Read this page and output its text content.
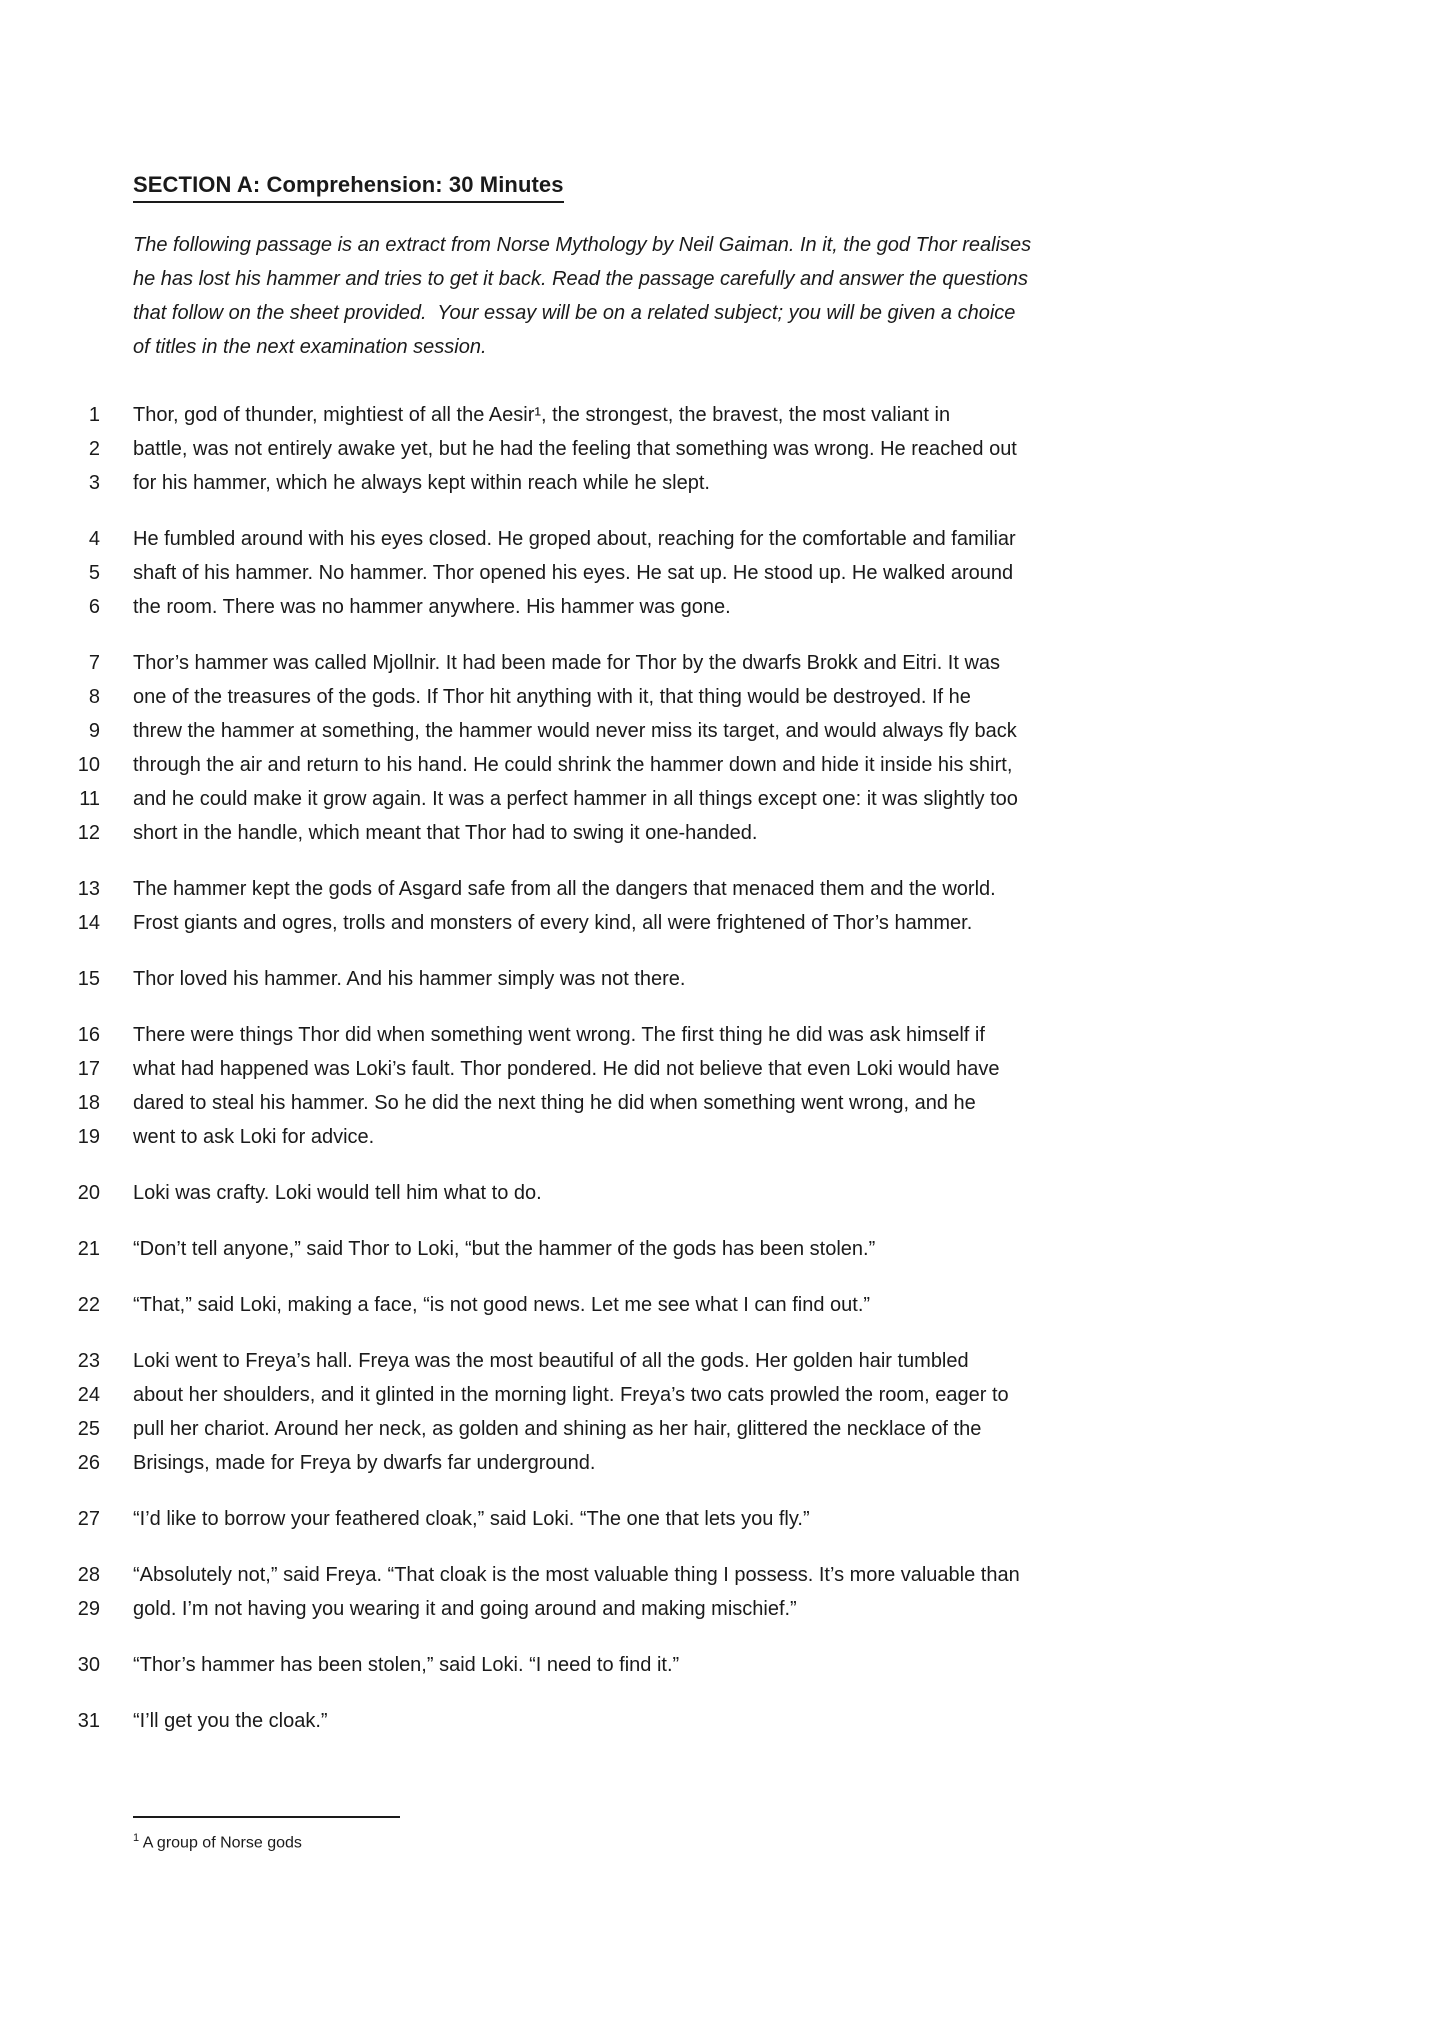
SECTION A: Comprehension: 30 Minutes
The following passage is an extract from Norse Mythology by Neil Gaiman. In it, the god Thor realises
he has lost his hammer and tries to get it back. Read the passage carefully and answer the questions
that follow on the sheet provided.  Your essay will be on a related subject; you will be given a choice
of titles in the next examination session.
1	Thor, god of thunder, mightiest of all the Aesir¹, the strongest, the bravest, the most valiant in
2	battle, was not entirely awake yet, but he had the feeling that something was wrong. He reached out
3	for his hammer, which he always kept within reach while he slept.
4	He fumbled around with his eyes closed. He groped about, reaching for the comfortable and familiar
5	shaft of his hammer. No hammer. Thor opened his eyes. He sat up. He stood up. He walked around
6	the room. There was no hammer anywhere. His hammer was gone.
7	Thor’s hammer was called Mjollnir. It had been made for Thor by the dwarfs Brokk and Eitri. It was
8	one of the treasures of the gods. If Thor hit anything with it, that thing would be destroyed. If he
9	threw the hammer at something, the hammer would never miss its target, and would always fly back
10	through the air and return to his hand. He could shrink the hammer down and hide it inside his shirt,
11	and he could make it grow again. It was a perfect hammer in all things except one: it was slightly too
12	short in the handle, which meant that Thor had to swing it one-handed.
13	The hammer kept the gods of Asgard safe from all the dangers that menaced them and the world.
14	Frost giants and ogres, trolls and monsters of every kind, all were frightened of Thor’s hammer.
15	Thor loved his hammer. And his hammer simply was not there.
16	There were things Thor did when something went wrong. The first thing he did was ask himself if
17	what had happened was Loki’s fault. Thor pondered. He did not believe that even Loki would have
18	dared to steal his hammer. So he did the next thing he did when something went wrong, and he
19	went to ask Loki for advice.
20	Loki was crafty. Loki would tell him what to do.
21	“Don’t tell anyone,” said Thor to Loki, “but the hammer of the gods has been stolen.”
22	“That,” said Loki, making a face, “is not good news. Let me see what I can find out.”
23	Loki went to Freya’s hall. Freya was the most beautiful of all the gods. Her golden hair tumbled
24	about her shoulders, and it glinted in the morning light. Freya’s two cats prowled the room, eager to
25	pull her chariot. Around her neck, as golden and shining as her hair, glittered the necklace of the
26	Brisings, made for Freya by dwarfs far underground.
27	“I’d like to borrow your feathered cloak,” said Loki. “The one that lets you fly.”
28	“Absolutely not,” said Freya. “That cloak is the most valuable thing I possess. It’s more valuable than
29	gold. I’m not having you wearing it and going around and making mischief.”
30	“Thor’s hammer has been stolen,” said Loki. “I need to find it.”
31	“I’ll get you the cloak.”
$^1$ A group of Norse gods
